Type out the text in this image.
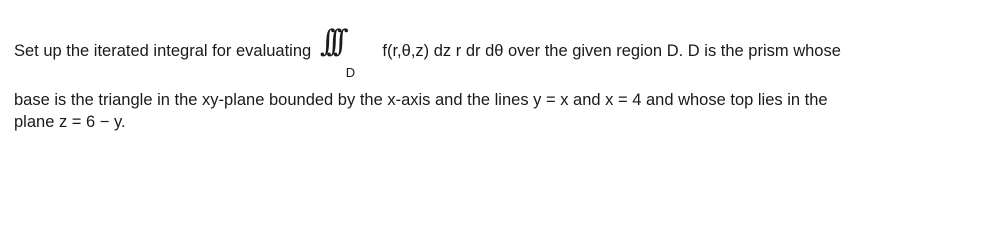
Set up the iterated integral for evaluating ∫∫∫
D
f(r,θ,z) dz r dr dθ over the given region D. D is the prism whose
base is the triangle in the xy-plane bounded by the x-axis and the lines y = x and x = 4 and whose top lies in the
plane z = 6 − y.
